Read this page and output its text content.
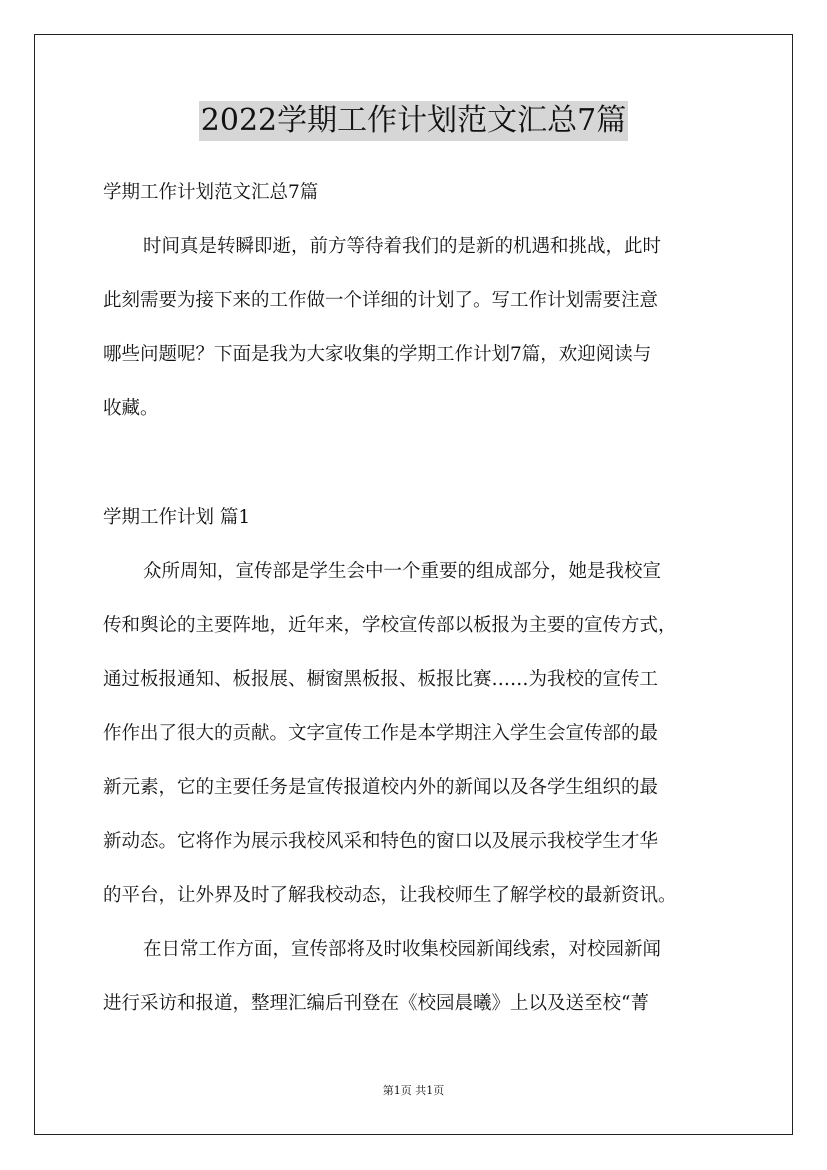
2022学期工作计划范文汇总7篇
学期工作计划范文汇总7篇
时间真是转瞬即逝，前方等待着我们的是新的机遇和挑战，此时
此刻需要为接下来的工作做一个详细的计划了。写工作计划需要注意
哪些问题呢？下面是我为大家收集的学期工作计划7篇，欢迎阅读与
收藏。
学期工作计划 篇1
众所周知，宣传部是学生会中一个重要的组成部分，她是我校宣
传和舆论的主要阵地，近年来，学校宣传部以板报为主要的宣传方式，
通过板报通知、板报展、橱窗黑板报、板报比赛……为我校的宣传工
作作出了很大的贡献。文字宣传工作是本学期注入学生会宣传部的最
新元素，它的主要任务是宣传报道校内外的新闻以及各学生组织的最
新动态。它将作为展示我校风采和特色的窗口以及展示我校学生才华
的平台，让外界及时了解我校动态，让我校师生了解学校的最新资讯。
在日常工作方面，宣传部将及时收集校园新闻线索，对校园新闻
进行采访和报道，整理汇编后刊登在《校园晨曦》上以及送至校“菁
第1页 共1页
